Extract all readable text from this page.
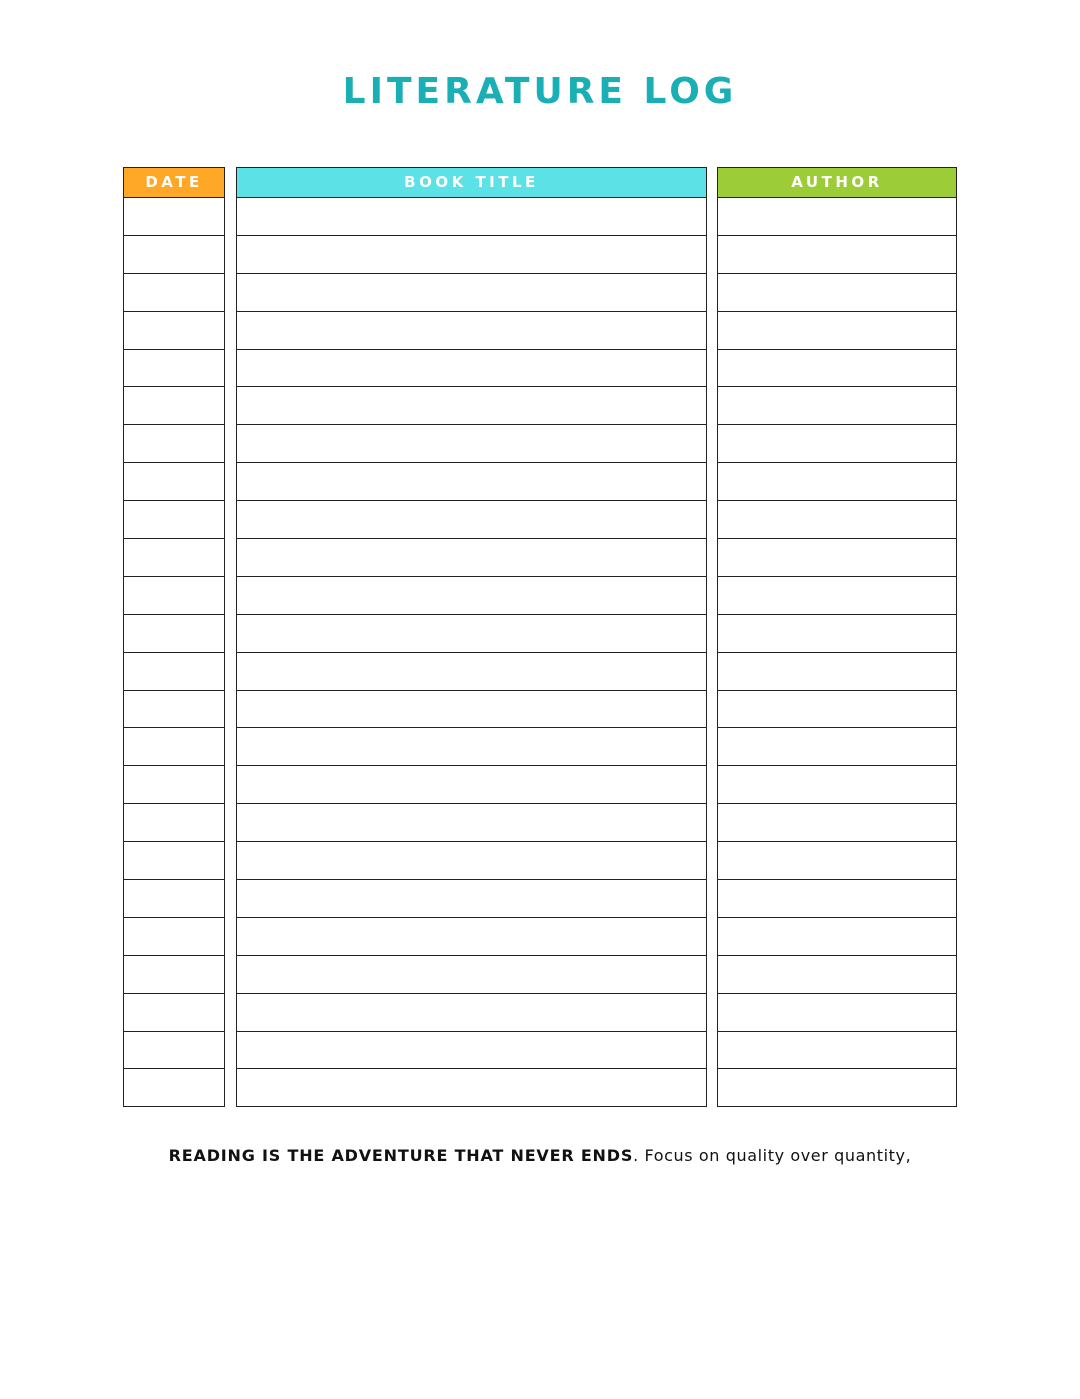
LITERATURE LOG
DATE	BOOK TITLE	AUTHOR
READING IS THE ADVENTURE THAT NEVER ENDS. Focus on quality over quantity,
